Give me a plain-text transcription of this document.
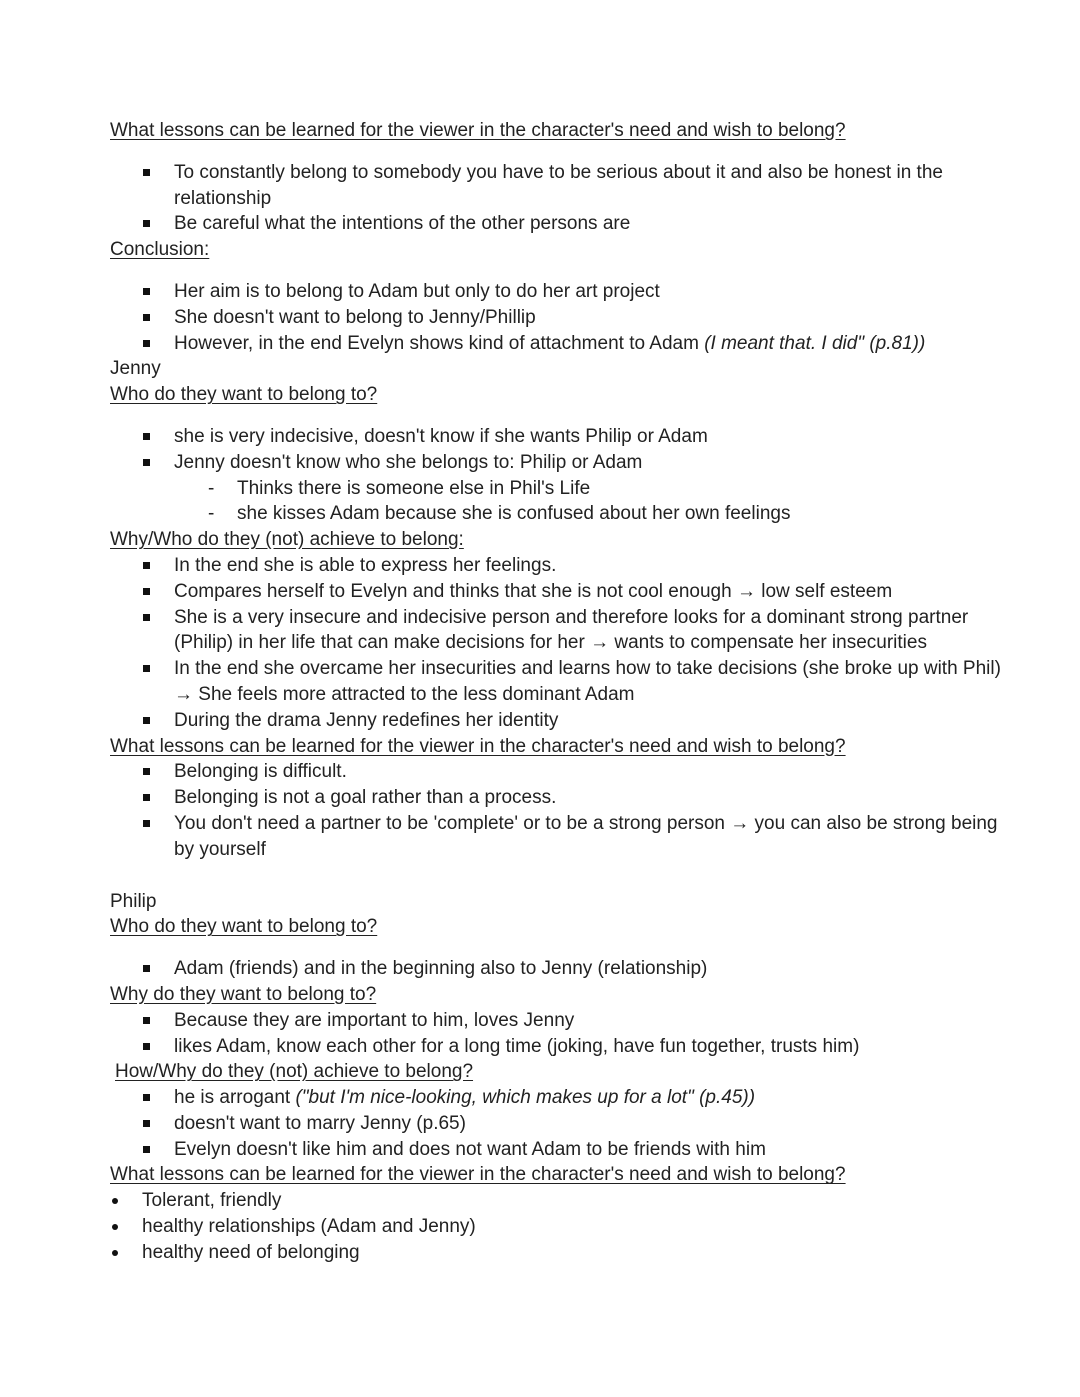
What lessons can be learned for the viewer in the character's need and wish to belong?
To constantly belong to somebody you have to be serious about it and also be honest in the relationship
Be careful what the intentions of the other persons are
Conclusion:
Her aim is to belong to Adam but only to do her art project
She doesn't want to belong to Jenny/Phillip
However, in the end Evelyn shows kind of attachment to Adam (I meant that. I did" (p.81))
Jenny
Who do they want to belong to?
she is very indecisive, doesn't know if she wants Philip or Adam
Jenny doesn't know who she belongs to: Philip or Adam
- Thinks there is someone else in Phil's Life
- she kisses Adam because she is confused about her own feelings
Why/Who do they (not) achieve to belong:
In the end she is able to express her feelings.
Compares herself to Evelyn and thinks that she is not cool enough → low self esteem
She is a very insecure and indecisive person and therefore looks for a dominant strong partner (Philip) in her life that can make decisions for her → wants to compensate her insecurities
In the end she overcame her insecurities and learns how to take decisions (she broke up with Phil) → She feels more attracted to the less dominant Adam
During the drama Jenny redefines her identity
What lessons can be learned for the viewer in the character's need and wish to belong?
Belonging is difficult.
Belonging is not a goal rather than a process.
You don't need a partner to be 'complete' or to be a strong person → you can also be strong being by yourself
Philip
Who do they want to belong to?
Adam (friends) and in the beginning also to Jenny (relationship)
Why do they want to belong to?
Because they are important to him, loves Jenny
likes Adam, know each other for a long time (joking, have fun together, trusts him)
How/Why do they (not) achieve to belong?
he is arrogant ("but I'm nice-looking, which makes up for a lot" (p.45))
doesn't want to marry Jenny (p.65)
Evelyn doesn't like him and does not want Adam to be friends with him
What lessons can be learned for the viewer in the character's need and wish to belong?
Tolerant, friendly
healthy relationships (Adam and Jenny)
healthy need of belonging
